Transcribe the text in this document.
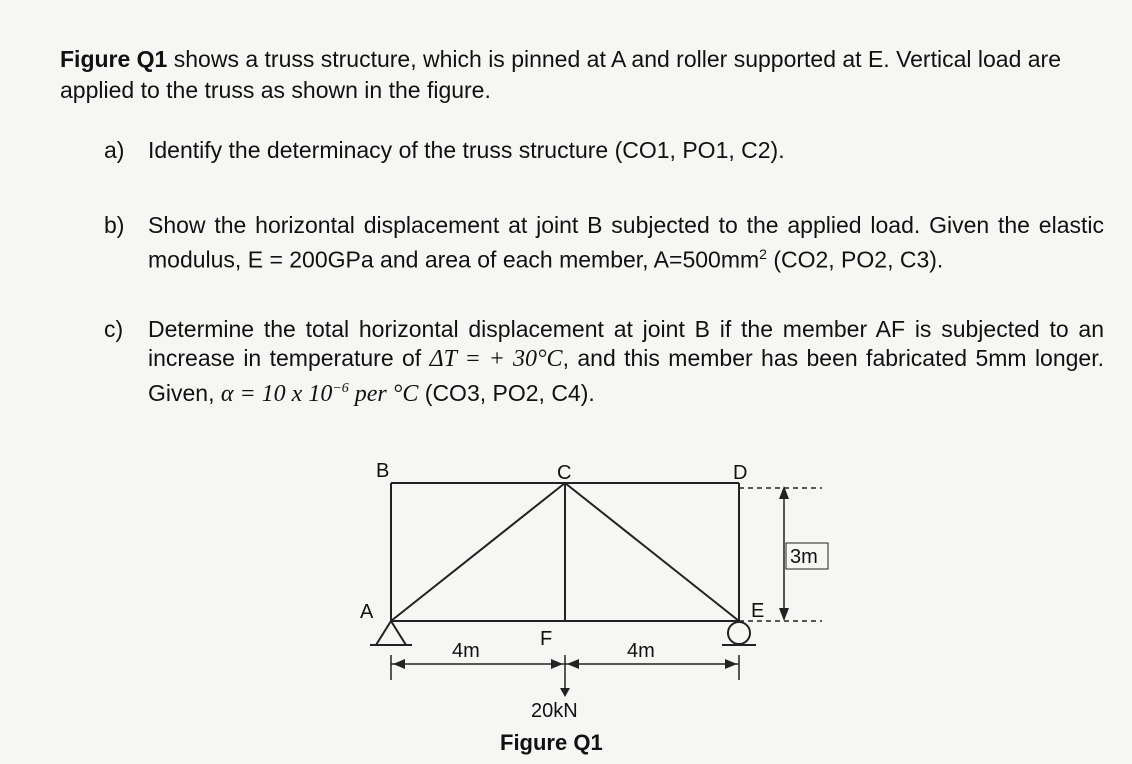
Figure Q1 shows a truss structure, which is pinned at A and roller supported at E. Vertical load are applied to the truss as shown in the figure.
a) Identify the determinacy of the truss structure (CO1, PO1, C2).
b) Show the horizontal displacement at joint B subjected to the applied load. Given the elastic modulus, E = 200GPa and area of each member, $A=500mm^2$ (CO2, PO2, C3).
c) Determine the total horizontal displacement at joint B if the member AF is subjected to an increase in temperature of ΔT = + 30°C, and this member has been fabricated 5mm longer. Given, α = 10 x $10^{-6}$ per °C (CO3, PO2, C4).
B	C	D
A	E
F
4m	4m
3m
20kN
Figure Q1
